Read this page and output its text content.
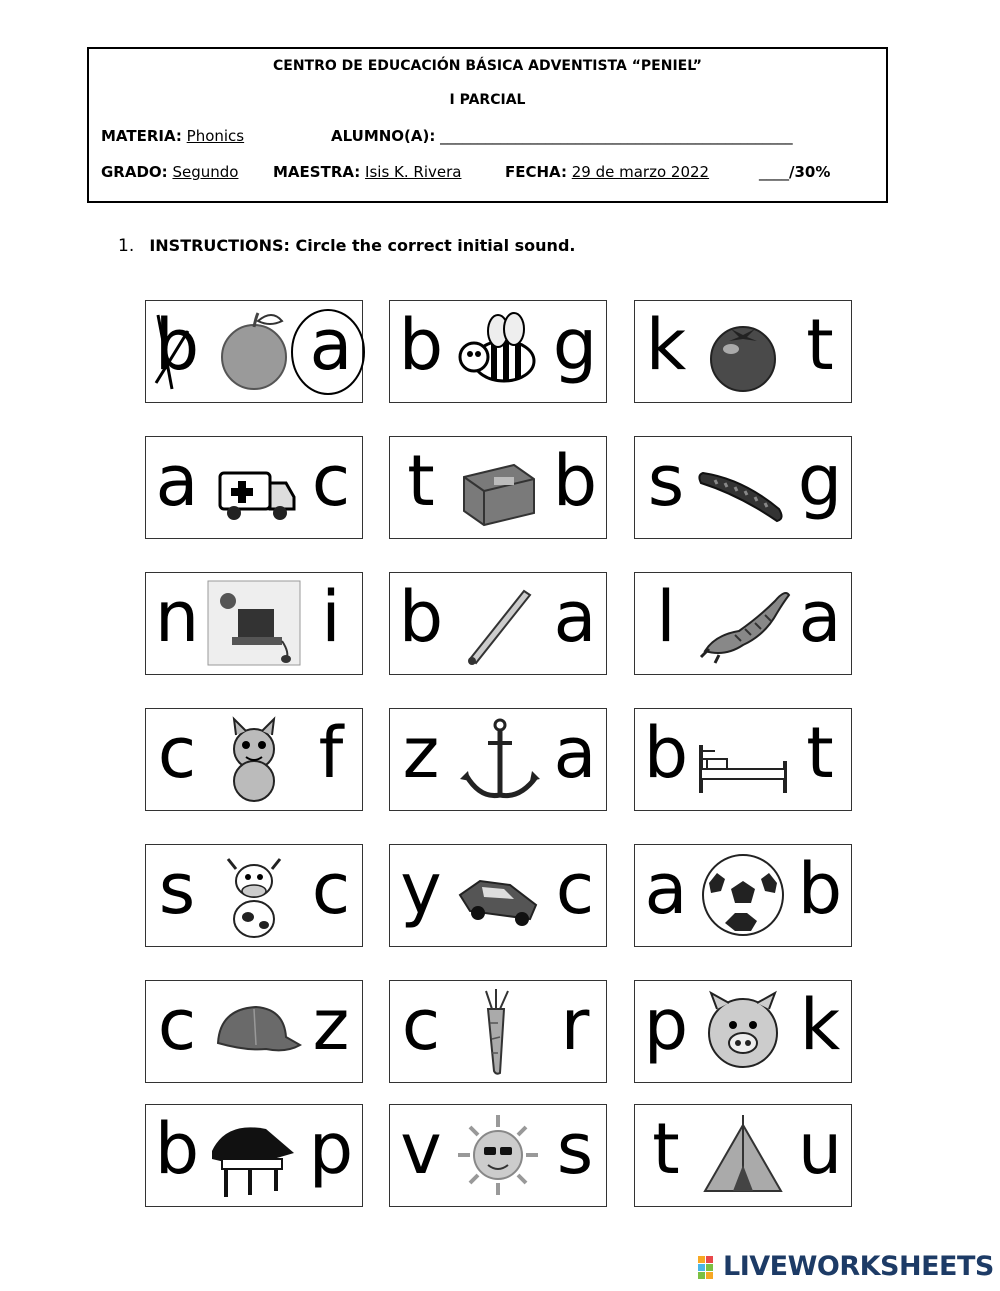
CENTRO DE EDUCACIÓN BÁSICA ADVENTISTA “PENIEL”
I PARCIAL
MATERIA: Phonics	ALUMNO(A): _______________________________________________
GRADO: Segundo MAESTRA: Isis K. Rivera	FECHA: 29 de marzo 2022	____/30%
1. INSTRUCTIONS: Circle the correct initial sound.
b a b g k t
a c t b s g
n	i b a l	a
c f z a b t
s c y c a b
c z c r p k
b p v s t u
LIVEWORKSHEETS
